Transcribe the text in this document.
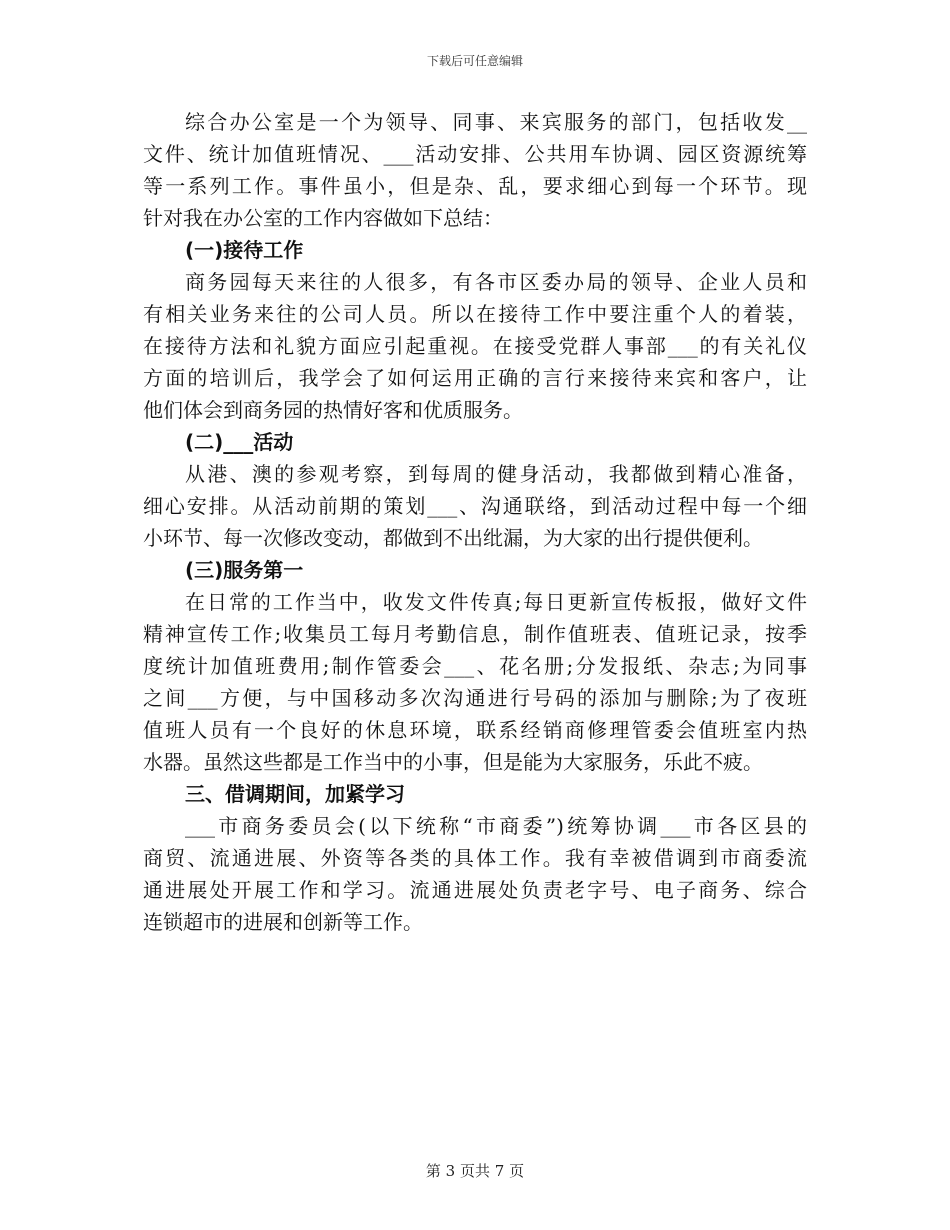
下载后可任意编辑
综合办公室是一个为领导、同事、来宾服务的部门，包括收发__
文件、统计加值班情况、___活动安排、公共用车协调、园区资源统筹
等一系列工作。事件虽小，但是杂、乱，要求细心到每一个环节。现
针对我在办公室的工作内容做如下总结：
(一)接待工作
商务园每天来往的人很多，有各市区委办局的领导、企业人员和
有相关业务来往的公司人员。所以在接待工作中要注重个人的着装，
在接待方法和礼貌方面应引起重视。在接受党群人事部___的有关礼仪
方面的培训后，我学会了如何运用正确的言行来接待来宾和客户，让
他们体会到商务园的热情好客和优质服务。
(二)___活动
从港、澳的参观考察，到每周的健身活动，我都做到精心准备，
细心安排。从活动前期的策划___、沟通联络，到活动过程中每一个细
小环节、每一次修改变动，都做到不出纰漏，为大家的出行提供便利。
(三)服务第一
在日常的工作当中，收发文件传真;每日更新宣传板报，做好文件
精神宣传工作;收集员工每月考勤信息，制作值班表、值班记录，按季
度统计加值班费用;制作管委会___、花名册;分发报纸、杂志;为同事
之间___方便，与中国移动多次沟通进行号码的添加与删除;为了夜班
值班人员有一个良好的休息环境，联系经销商修理管委会值班室内热
水器。虽然这些都是工作当中的小事，但是能为大家服务，乐此不疲。
三、借调期间，加紧学习
___市商务委员会(以下统称“市商委”)统筹协调___市各区县的
商贸、流通进展、外资等各类的具体工作。我有幸被借调到市商委流
通进展处开展工作和学习。流通进展处负责老字号、电子商务、综合
连锁超市的进展和创新等工作。
第 3 页共 7 页
